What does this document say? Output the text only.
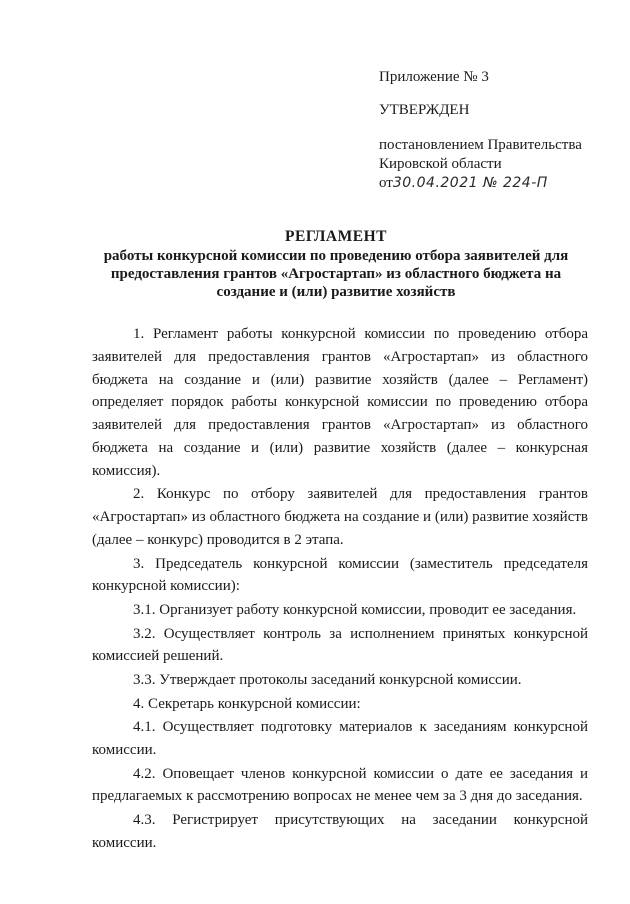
Приложение № 3
УТВЕРЖДЕН
постановлением Правительства
Кировской области
от30.04.2021 № 224-П
РЕГЛАМЕНТ
работы конкурсной комиссии по проведению отбора заявителей для
предоставления грантов «Агростартап» из областного бюджета на
создание и (или) развитие хозяйств

1. Регламент работы конкурсной комиссии по проведению отбора заявителей для предоставления грантов «Агростартап» из областного бюджета на создание и (или) развитие хозяйств (далее – Регламент) определяет порядок работы конкурсной комиссии по проведению отбора заявителей для предоставления грантов «Агростартап» из областного бюджета на создание и (или) развитие хозяйств (далее – конкурсная комиссия).

2. Конкурс по отбору заявителей для предоставления грантов «Агростартап» из областного бюджета на создание и (или) развитие хозяйств (далее – конкурс) проводится в 2 этапа.

3. Председатель конкурсной комиссии (заместитель председателя конкурсной комиссии):

3.1. Организует работу конкурсной комиссии, проводит ее заседания.

3.2. Осуществляет контроль за исполнением принятых конкурсной комиссией решений.

3.3. Утверждает протоколы заседаний конкурсной комиссии.

4. Секретарь конкурсной комиссии:

4.1. Осуществляет подготовку материалов к заседаниям конкурсной комиссии.

4.2. Оповещает членов конкурсной комиссии о дате ее заседания и предлагаемых к рассмотрению вопросах не менее чем за 3 дня до заседания.

4.3. Регистрирует присутствующих на заседании конкурсной комиссии.
